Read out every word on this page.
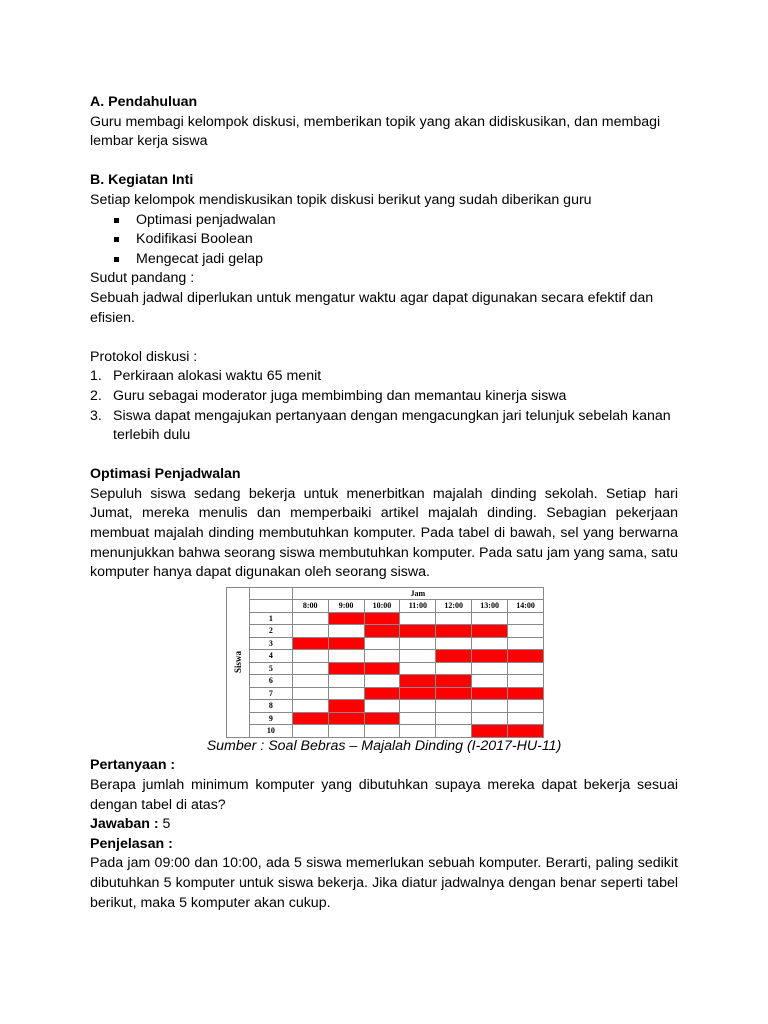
A. Pendahuluan

Guru membagi kelompok diskusi, memberikan topik yang akan didiskusikan, dan membagi lembar kerja siswa

B. Kegiatan Inti

Setiap kelompok mendiskusikan topik diskusi berikut yang sudah diberikan guru

Optimasi penjadwalan
Kodifikasi Boolean
Mengecat jadi gelap

Sudut pandang :

Sebuah jadwal diperlukan untuk mengatur waktu agar dapat digunakan secara efektif dan efisien.

Protokol diskusi :

1. Perkiraan alokasi waktu 65 menit
2. Guru sebagai moderator juga membimbing dan memantau kinerja siswa
3. Siswa dapat mengajukan pertanyaan dengan mengacungkan jari telunjuk sebelah kanan terlebih dulu

Optimasi Penjadwalan

Sepuluh siswa sedang bekerja untuk menerbitkan majalah dinding sekolah. Setiap hari Jumat, mereka menulis dan memperbaiki artikel majalah dinding. Sebagian pekerjaan membuat majalah dinding membutuhkan komputer. Pada tabel di bawah, sel yang berwarna menunjukkan bahwa seorang siswa membutuhkan komputer. Pada satu jam yang sama, satu komputer hanya dapat digunakan oleh seorang siswa.

Siswa		Jam						
		8:00	9:00	10:00	11:00	12:00	13:00	14:00
	1							
	2							
	3							
	4							
	5							
	6							
	7							
	8							
	9							
	10							

Sumber : Soal Bebras – Majalah Dinding (I-2017-HU-11)

Pertanyaan :

Berapa jumlah minimum komputer yang dibutuhkan supaya mereka dapat bekerja sesuai dengan tabel di atas?

Jawaban : 5

Penjelasan :

Pada jam 09:00 dan 10:00, ada 5 siswa memerlukan sebuah komputer. Berarti, paling sedikit dibutuhkan 5 komputer untuk siswa bekerja. Jika diatur jadwalnya dengan benar seperti tabel berikut, maka 5 komputer akan cukup.
